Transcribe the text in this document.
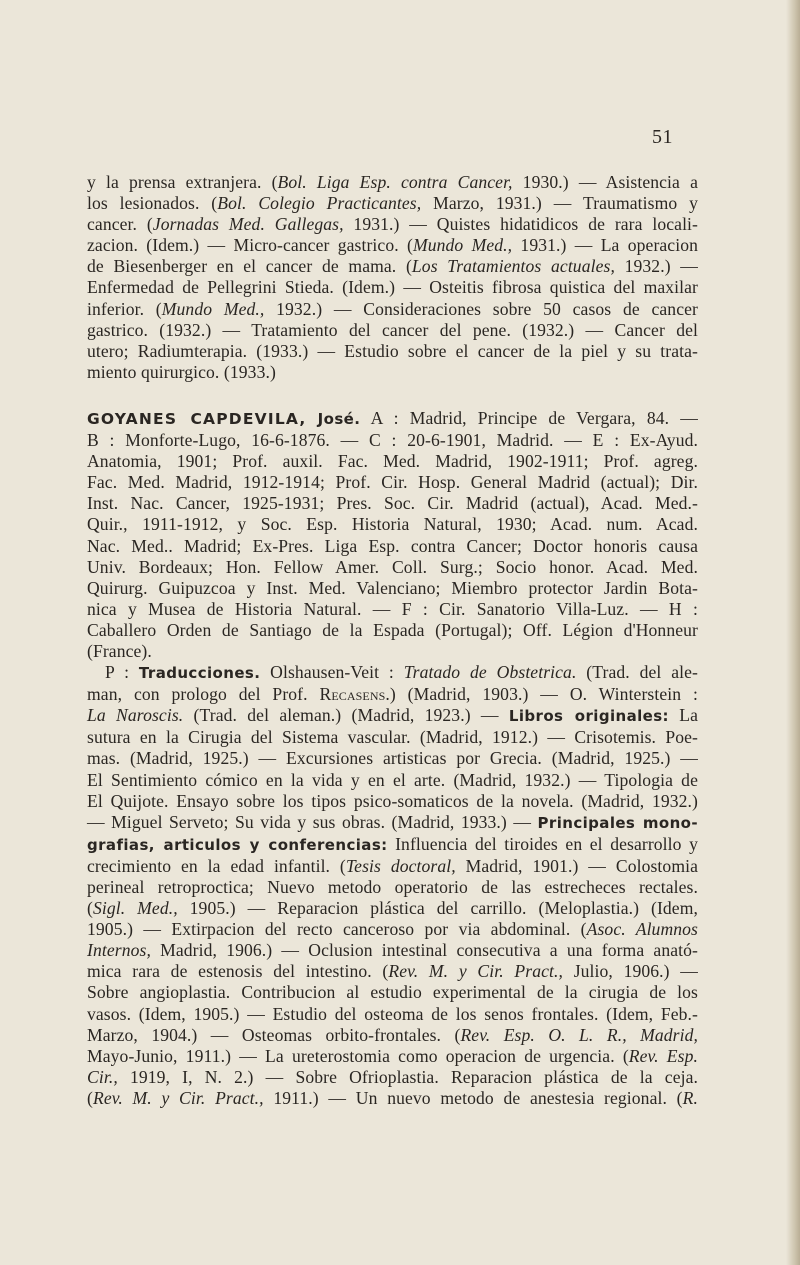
51
y la prensa extranjera. (Bol. Liga Esp. contra Cancer, 1930.) — Asistencia a
los lesionados. (Bol. Colegio Practicantes, Marzo, 1931.) — Traumatismo y
cancer. (Jornadas Med. Gallegas, 1931.) — Quistes hidatidicos de rara locali-
zacion. (Idem.) — Micro-cancer gastrico. (Mundo Med., 1931.) — La operacion
de Biesenberger en el cancer de mama. (Los Tratamientos actuales, 1932.) —
Enfermedad de Pellegrini Stieda. (Idem.) — Osteitis fibrosa quistica del maxilar
inferior. (Mundo Med., 1932.) — Consideraciones sobre 50 casos de cancer
gastrico. (1932.) — Tratamiento del cancer del pene. (1932.) — Cancer del
utero; Radiumterapia. (1933.) — Estudio sobre el cancer de la piel y su trata-
miento quirurgico. (1933.)
GOYANES CAPDEVILA, José. A : Madrid, Principe de Vergara, 84. —
B : Monforte-Lugo, 16-6-1876. — C : 20-6-1901, Madrid. — E : Ex-Ayud.
Anatomia, 1901; Prof. auxil. Fac. Med. Madrid, 1902-1911; Prof. agreg.
Fac. Med. Madrid, 1912-1914; Prof. Cir. Hosp. General Madrid (actual); Dir.
Inst. Nac. Cancer, 1925-1931; Pres. Soc. Cir. Madrid (actual), Acad. Med.-
Quir., 1911-1912, y Soc. Esp. Historia Natural, 1930; Acad. num. Acad.
Nac. Med.. Madrid; Ex-Pres. Liga Esp. contra Cancer; Doctor honoris causa
Univ. Bordeaux; Hon. Fellow Amer. Coll. Surg.; Socio honor. Acad. Med.
Quirurg. Guipuzcoa y Inst. Med. Valenciano; Miembro protector Jardin Bota-
nica y Musea de Historia Natural. — F : Cir. Sanatorio Villa-Luz. — H :
Caballero Orden de Santiago de la Espada (Portugal); Off. Légion d'Honneur
(France).
P : Traducciones. Olshausen-Veit : Tratado de Obstetrica. (Trad. del ale-
man, con prologo del Prof. Recasens.) (Madrid, 1903.) — O. Winterstein :
La Naroscis. (Trad. del aleman.) (Madrid, 1923.) — Libros originales: La
sutura en la Cirugia del Sistema vascular. (Madrid, 1912.) — Crisotemis. Poe-
mas. (Madrid, 1925.) — Excursiones artisticas por Grecia. (Madrid, 1925.) —
El Sentimiento cómico en la vida y en el arte. (Madrid, 1932.) — Tipologia de
El Quijote. Ensayo sobre los tipos psico-somaticos de la novela. (Madrid, 1932.)
— Miguel Serveto; Su vida y sus obras. (Madrid, 1933.) — Principales mono-
grafias, articulos y conferencias: Influencia del tiroides en el desarrollo y
crecimiento en la edad infantil. (Tesis doctoral, Madrid, 1901.) — Colostomia
perineal retroproctica; Nuevo metodo operatorio de las estrecheces rectales.
(Sigl. Med., 1905.) — Reparacion plástica del carrillo. (Meloplastia.) (Idem,
1905.) — Extirpacion del recto canceroso por via abdominal. (Asoc. Alumnos
Internos, Madrid, 1906.) — Oclusion intestinal consecutiva a una forma anató-
mica rara de estenosis del intestino. (Rev. M. y Cir. Pract., Julio, 1906.) —
Sobre angioplastia. Contribucion al estudio experimental de la cirugia de los
vasos. (Idem, 1905.) — Estudio del osteoma de los senos frontales. (Idem, Feb.-
Marzo, 1904.) — Osteomas orbito-frontales. (Rev. Esp. O. L. R., Madrid,
Mayo-Junio, 1911.) — La ureterostomia como operacion de urgencia. (Rev. Esp.
Cir., 1919, I, N. 2.) — Sobre Ofrioplastia. Reparacion plástica de la ceja.
(Rev. M. y Cir. Pract., 1911.) — Un nuevo metodo de anestesia regional. (R.
